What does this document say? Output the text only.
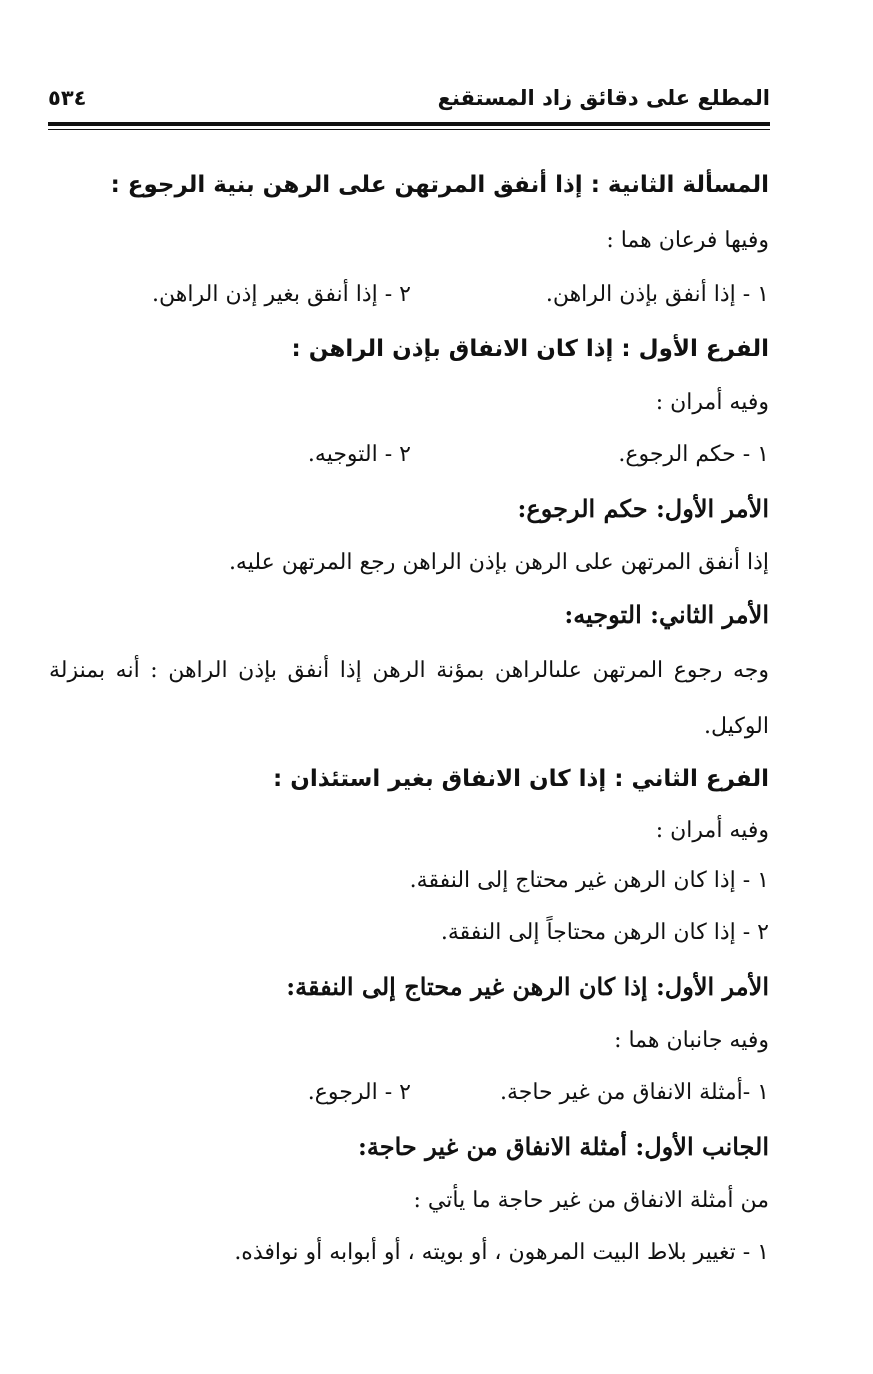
المطلع على دقائق زاد المستقنع
٥٣٤
المسألة الثانية : إذا أنفق المرتهن على الرهن بنية الرجوع :
وفيها فرعان هما :
١ - إذا أنفق بإذن الراهن.
٢ - إذا أنفق بغير إذن الراهن.
الفرع الأول : إذا كان الانفاق بإذن الراهن :
وفيه أمران :
١ - حكم الرجوع.
٢ - التوجيه.
الأمر الأول: حكم الرجوع:
إذا أنفق المرتهن على الرهن بإذن الراهن رجع المرتهن عليه.
الأمر الثاني: التوجيه:
وجه رجوع المرتهن علىالراهن بمؤنة الرهن إذا أنفق بإذن الراهن : أنه بمنزلة
الوكيل.
الفرع الثاني : إذا كان الانفاق بغير استئذان :
وفيه أمران :
١ - إذا كان الرهن غير محتاج إلى النفقة.
٢ - إذا كان الرهن محتاجاً إلى النفقة.
الأمر الأول: إذا كان الرهن غير محتاج إلى النفقة:
وفيه جانبان هما :
١ -أمثلة الانفاق من غير حاجة.
٢ - الرجوع.
الجانب الأول: أمثلة الانفاق من غير حاجة:
من أمثلة الانفاق من غير حاجة ما يأتي :
١ - تغيير بلاط البيت المرهون ، أو بويته ، أو أبوابه أو نوافذه.
